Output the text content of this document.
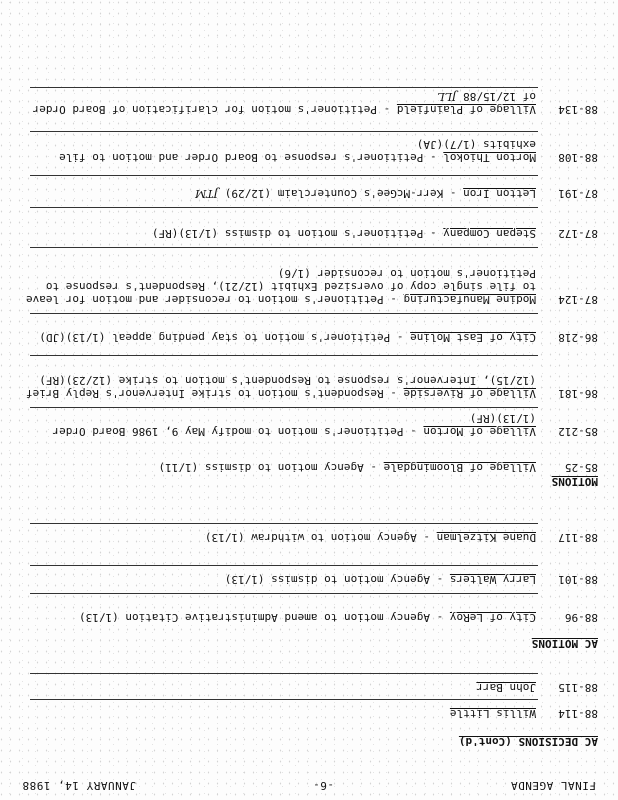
FINAL AGENDA
-6-
JANUARY 14, 1988
AC DECISIONS (Cont'd)
88-114
Willis Little
88-115
John Barr
AC MOTIONS
88-96
City of LeRoy - Agency motion to amend Administrative Citation (1/13)
88-101
Larry Walters - Agency motion to dismiss (1/13)
88-117
Duane Kitzelman - Agency motion to withdraw (1/13)
MOTIONS
85-25
Village of Bloomingdale - Agency motion to dismiss (1/11)
85-212
Village of Morton - Petitioner's motion to modify May 9, 1986 Board Order (1/13)(RF)
86-181
Village of Riverside - Respondent's motion to strike Intervenor's Reply Brief (12/15), Intervenor's response to Respondent's motion to strike (12/23)(RF)
86-218
City of East Moline - Petitioner's motion to stay pending appeal (1/13)(JD)
87-124
Modine Manufacturing - Petitioner's motion to reconsider and motion for leave to file single copy of oversized Exhibit (12/21), Respondent's response to Petitioner's motion to reconsider (1/6)
87-172
Stepan Company - Petitioner's motion to dismiss (1/13)(RF)
87-191
Letton Iron - Kerr-McGee's Counterclaim (12/29) JTM
88-108
Morton Thiokol - Petitioner's response to Board Order and motion to file exhibits (1/7)(JA)
88-134
Village of Plainfield - Petitioner's motion for clarification of Board Order of 12/15/88 JLL
